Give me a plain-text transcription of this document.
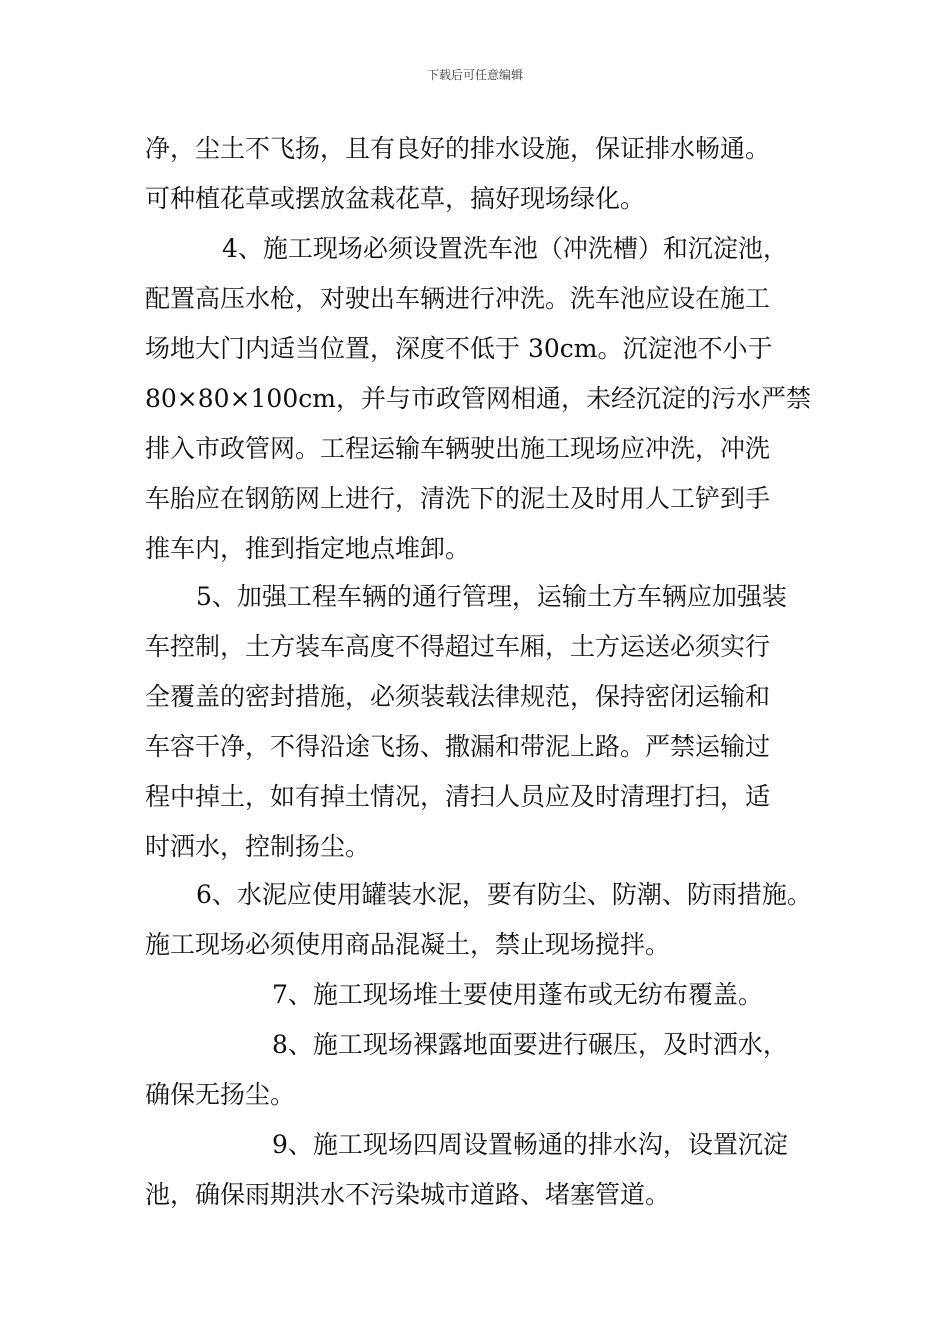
下载后可任意编辑
净，尘土不飞扬，且有良好的排水设施，保证排水畅通。
可种植花草或摆放盆栽花草，搞好现场绿化。
4、施工现场必须设置洗车池（冲洗槽）和沉淀池，
配置高压水枪，对驶出车辆进行冲洗。洗车池应设在施工
场地大门内适当位置，深度不低于 30cm。沉淀池不小于
80×80×100cm，并与市政管网相通，未经沉淀的污水严禁
排入市政管网。工程运输车辆驶出施工现场应冲洗，冲洗
车胎应在钢筋网上进行，清洗下的泥土及时用人工铲到手
推车内，推到指定地点堆卸。
5、加强工程车辆的通行管理，运输土方车辆应加强装
车控制，土方装车高度不得超过车厢，土方运送必须实行
全覆盖的密封措施，必须装载法律规范，保持密闭运输和
车容干净，不得沿途飞扬、撒漏和带泥上路。严禁运输过
程中掉土，如有掉土情况，清扫人员应及时清理打扫，适
时洒水，控制扬尘。
6、水泥应使用罐装水泥，要有防尘、防潮、防雨措施。
施工现场必须使用商品混凝土，禁止现场搅拌。
7、施工现场堆土要使用蓬布或无纺布覆盖。
8、施工现场裸露地面要进行碾压，及时洒水，
确保无扬尘。
9、施工现场四周设置畅通的排水沟，设置沉淀
池，确保雨期洪水不污染城市道路、堵塞管道。
